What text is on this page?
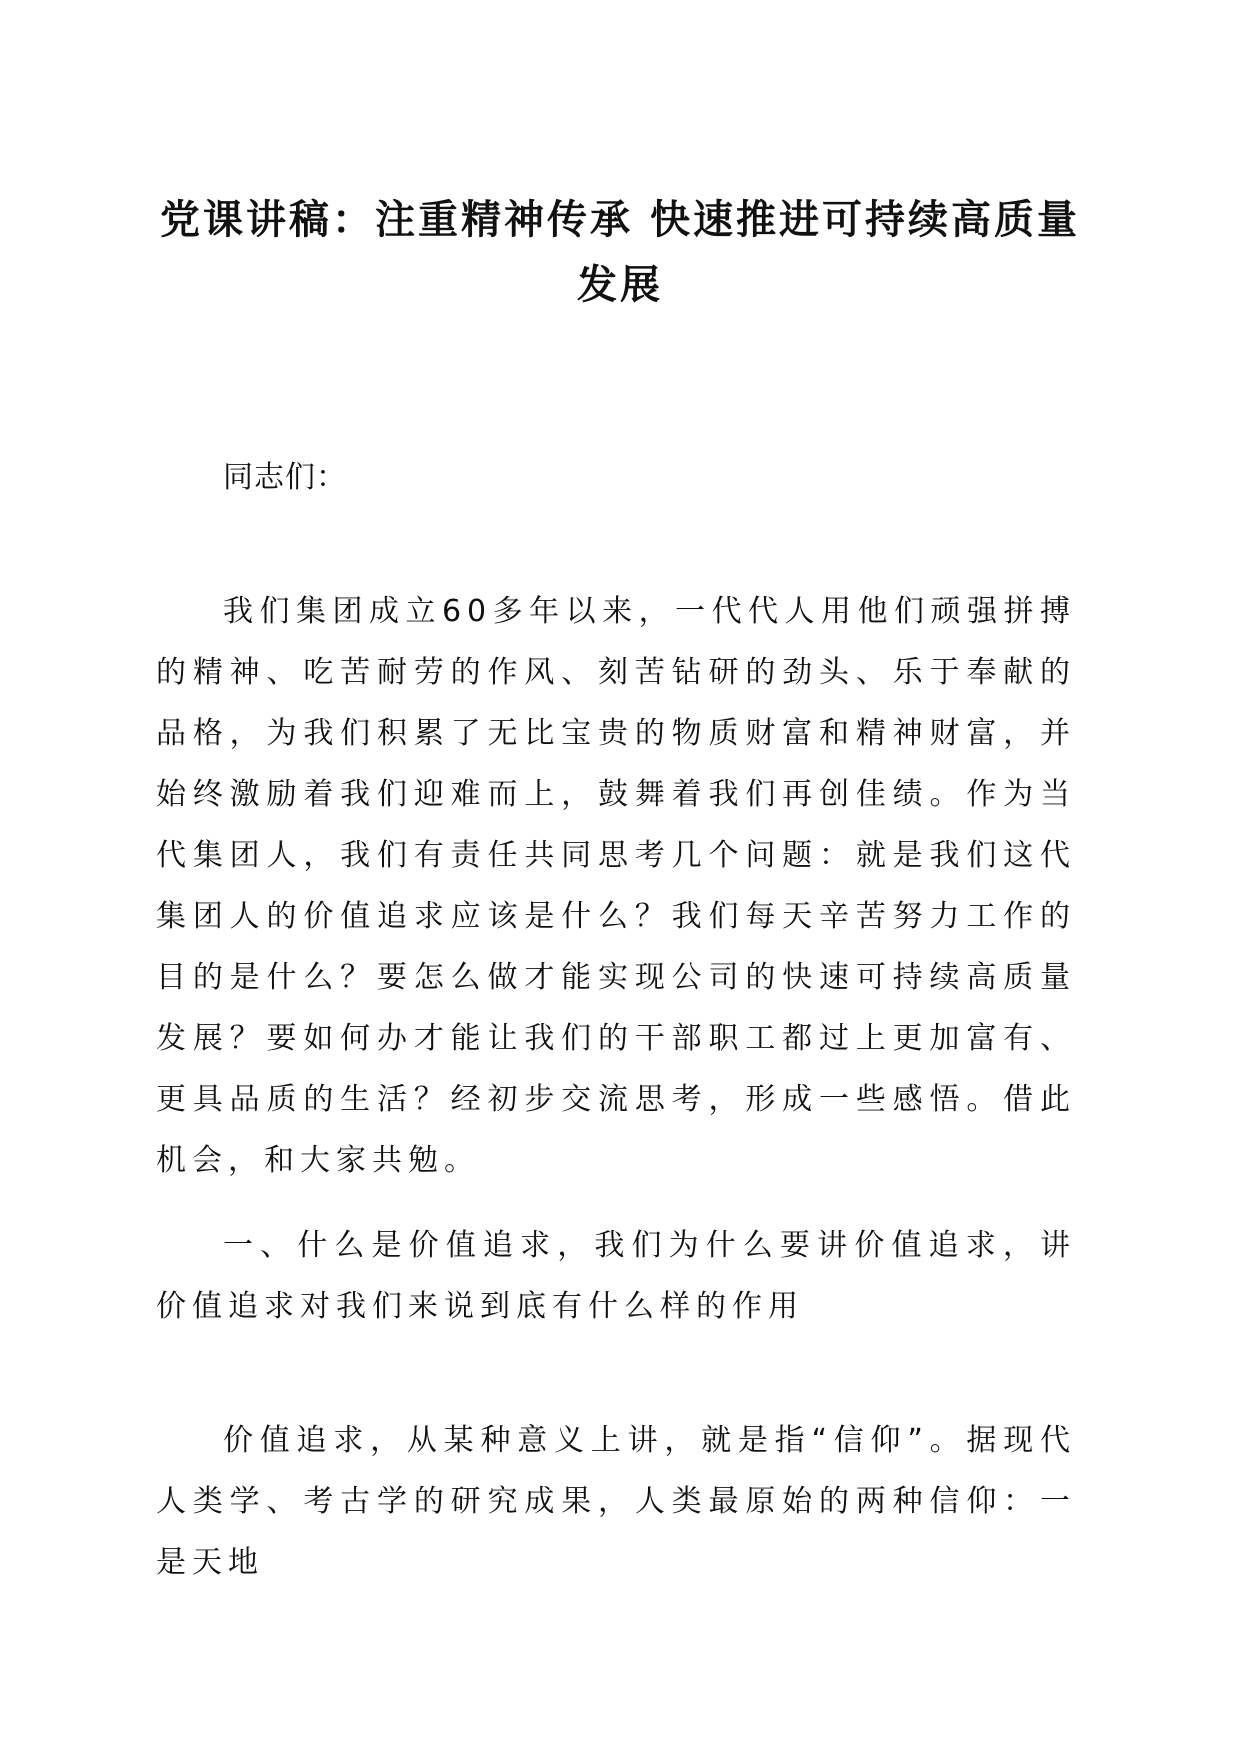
党课讲稿：注重精神传承 快速推进可持续高质量发展

同志们：

我们集团成立60多年以来，一代代人用他们顽强拼搏的精神、吃苦耐劳的作风、刻苦钻研的劲头、乐于奉献的品格，为我们积累了无比宝贵的物质财富和精神财富，并始终激励着我们迎难而上，鼓舞着我们再创佳绩。作为当代集团人，我们有责任共同思考几个问题：就是我们这代集团人的价值追求应该是什么？我们每天辛苦努力工作的目的是什么？要怎么做才能实现公司的快速可持续高质量发展？要如何办才能让我们的干部职工都过上更加富有、更具品质的生活？经初步交流思考，形成一些感悟。借此机会，和大家共勉。

一、什么是价值追求，我们为什么要讲价值追求，讲价值追求对我们来说到底有什么样的作用

价值追求，从某种意义上讲，就是指“信仰”。据现代人类学、考古学的研究成果，人类最原始的两种信仰：一是天地
